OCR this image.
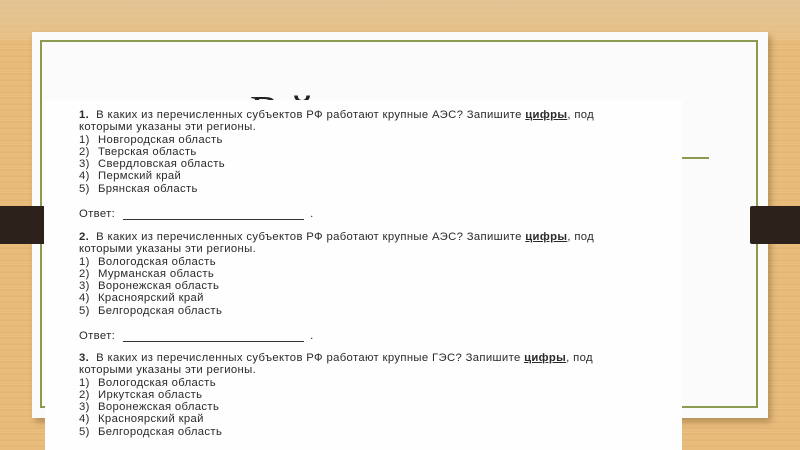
1. В каких из перечисленных субъектов РФ работают крупные АЭС? Запишите цифры, под

которыми указаны эти регионы.

1) Новгородская область

2) Тверская область

3) Свердловская область

4) Пермский край

5) Брянская область

Ответ:	.

2. В каких из перечисленных субъектов РФ работают крупные АЭС? Запишите цифры, под

которыми указаны эти регионы.

1) Вологодская область

2) Мурманская область

3) Воронежская область

4) Красноярский край

5) Белгородская область

Ответ:	.

3. В каких из перечисленных субъектов РФ работают крупные ГЭС? Запишите цифры, под

которыми указаны эти регионы.

1) Вологодская область

2) Иркутская область

3) Воронежская область

4) Красноярский край

5) Белгородская область
